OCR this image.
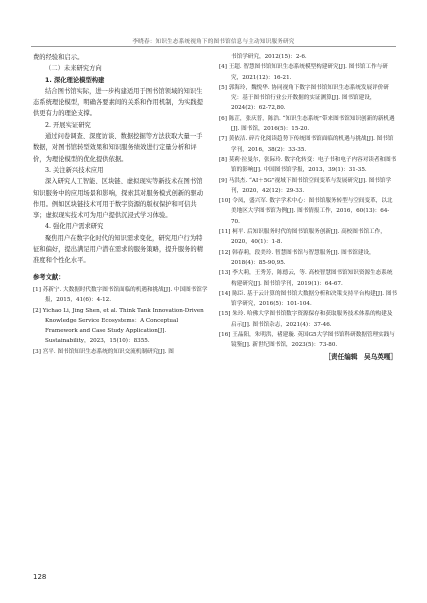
李晓春：知识生态系统视角下的图书馆信息与主动知识服务研究

费的经验和启示。

（二）未来研究方向

1. 深化理论模型构建

结合图书馆实际，进一步构建适用于图书馆领域的知识生态系统理论模型，明确各要素间的关系和作用机制，为实践提供更有力的理论支撑。

2. 开展实证研究

通过问卷调查、深度访谈、数据挖掘等方法获取大量一手数据，对图书馆转型效果和知识服务绩效进行定量分析和评价，为理论模型的优化提供依据。

3. 关注新兴技术应用

深入研究人工智能、区块链、虚拟现实等新技术在图书馆知识服务中的应用场景和影响，探索其对服务模式创新的驱动作用。例如区块链技术可用于数字资源的版权保护和可信共享；虚拟现实技术可为用户提供沉浸式学习体验。

4. 强化用户需求研究

聚焦用户在数字化时代的知识需求变化，研究用户行为特征和偏好，提出满足用户潜在需求的服务策略，提升服务的精准度和个性化水平。

参考文献：

[1] 苏新宁. 大数据时代数字图书馆面临的机遇和挑战[J]. 中国图书馆学报，2015，41(6)：4-12.

[2] Yichao Li, Jing Shen, et al. Think Tank Innovation-Driven Knowledge Service Ecosystems：A Conceptual Framework and Case Study Application[J]. Sustainability，2023，15(10)：8355.

[3] 宫平. 图书馆知识生态系统的知识交流机制研究[J]. 图

书馆学研究，2012(15)：2-6.

[4] 王超. 智慧图书馆知识生态系统模型构建研究[J]. 图书馆工作与研究，2021(12)：16-21.

[5] 郭海玲，魏悦华. 协同视角下数字图书馆知识生态系统发展评价研究：基于图书馆行业公开数据的实证测算[J]. 图书馆建设，2024(2)：62-72,80.

[6] 陈芷，张庆普，陈浩. “知识生态系统”带来图书馆知识创新的新机遇[J]. 图书馆，2016(5)：15-20.

[7] 黄依洁. 碎片化阅读趋势下传统图书馆面临的机遇与挑战[J]. 图书馆学刊，2016，38(2)：33-35.

[8] 莫莉·拉曼尔，张际玲. 数字化转变：电子书和电子内容对读者和图书馆的影响[J]. 中国图书馆学报，2013，39(1)：31-35.

[9] 马洪杰. “AI＋5G”视域下图书馆空间变革与发展研究[J]. 图书馆学刊，2020，42(12)：29-33.

[10] 令凤，盛兴军. 数字学术中心：图书馆服务转型与空间变革，以北美地区大学图书馆为例[J]. 图书情报工作，2016，60(13)：64-70.

[11] 柯平. 后知识服务时代的图书馆服务创新[J]. 高校图书馆工作，2020，40(1)：1-8.

[12] 韩春莉，段美玲. 智慧图书馆与智慧服务[J]. 图书馆建设，2018(4)：85-90,95.

[13] 李大莉，王秀芳，陈德云，等. 高校智慧图书馆知识资源生态系统构建研究[J]. 图书馆学刊，2019(1)：64-67.

[14] 陈臣. 基于云计算的图书馆大数据分析和决策支持平台构建[J]. 图书馆学研究，2016(5)：101-104.

[15] 朱玲. 哈佛大学图书馆数字资源保存和获取服务技术体系的构建及启示[J]. 图书馆杂志，2021(4)：37-46.

[16] 王晶阳，朱明洪，褚建璇. 英国G5大学图书馆科研数据管理实践与镜鉴[J]. 新世纪图书馆，2023(5)：73-80.

［责任编辑　吴乌英嘎］
128
